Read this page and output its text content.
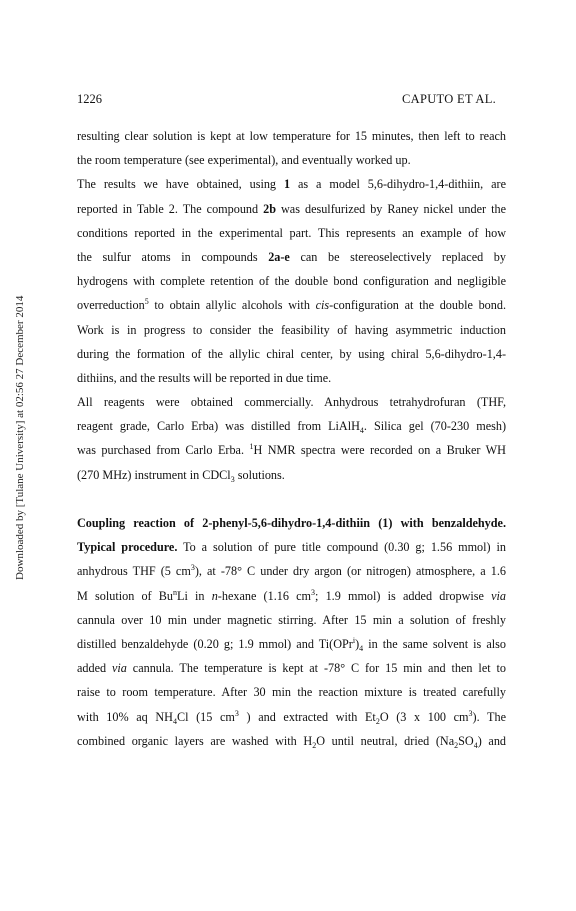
1226	CAPUTO ET AL.
Downloaded by [Tulane University] at 02:56 27 December 2014
resulting clear solution is kept at low temperature for 15 minutes, then left to reach
the room temperature (see experimental), and eventually worked up.
The results we have obtained, using 1 as a model 5,6-dihydro-1,4-dithiin, are
reported in Table 2. The compound 2b was desulfurized by Raney nickel under the
conditions reported in the experimental part. This represents an example of how
the sulfur atoms in compounds 2a-e can be stereoselectively replaced by
hydrogens with complete retention of the double bond configuration and negligible
overreduction$^5$ to obtain allylic alcohols with cis-configuration at the double bond.
Work is in progress to consider the feasibility of having asymmetric induction
during the formation of the allylic chiral center, by using chiral 5,6-dihydro-1,4-
dithiins, and the results will be reported in due time.
All reagents were obtained commercially. Anhydrous tetrahydrofuran (THF,
reagent grade, Carlo Erba) was distilled from LiAlH$_4$. Silica gel (70-230 mesh)
was purchased from Carlo Erba. $^1$H NMR spectra were recorded on a Bruker WH
(270 MHz) instrument in CDCl$_3$ solutions.
Coupling reaction of 2-phenyl-5,6-dihydro-1,4-dithiin (1) with benzaldehyde.
Typical procedure. To a solution of pure title compound (0.30 g; 1.56 mmol) in
anhydrous THF (5 $cm^3$), at -78° C under dry argon (or nitrogen) atmosphere, a 1.6
M solution of Bu$^n$Li in n-hexane (1.16 $cm^3$; 1.9 mmol) is added dropwise via
cannula over 10 min under magnetic stirring. After 15 min a solution of freshly
distilled benzaldehyde (0.20 g; 1.9 mmol) and $Ti(OPr^i)_4$ in the same solvent is also
added via cannula. The temperature is kept at -78° C for 15 min and then let to
raise to room temperature. After 30 min the reaction mixture is treated carefully
with 10% aq $NH_4Cl$ (15 $cm^3$ ) and extracted with $Et_2O$ (3 x 100 $cm^3$). The
combined organic layers are washed with $H_2O$ until neutral, dried $(Na_2SO_4)$ and
